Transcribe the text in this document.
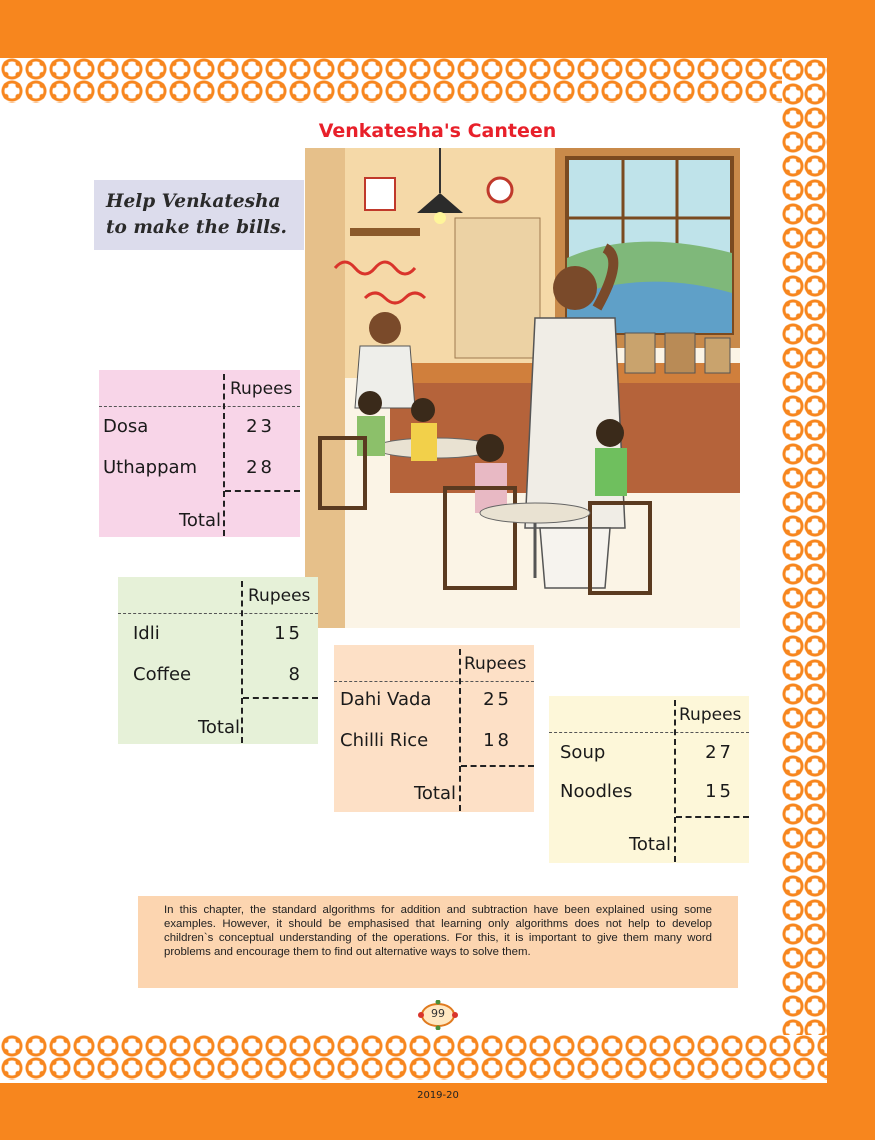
Venkatesha's Canteen
Help Venkatesha to make the bills.
Rupees
Dosa	23
Uthappam	28
Total
Rupees
Idli	15
Coffee	8
Total
Rupees
Dahi Vada	25
Chilli Rice	18
Total
Rupees
Soup	27
Noodles	15
Total

In this chapter, the standard algorithms for addition and subtraction have been explained using some examples. However, it should be emphasised that learning only algorithms does not help to develop children`s conceptual understanding of the operations. For this, it is important to give them many word problems and encourage them to find out alternative ways to solve them.

99
2019-20
